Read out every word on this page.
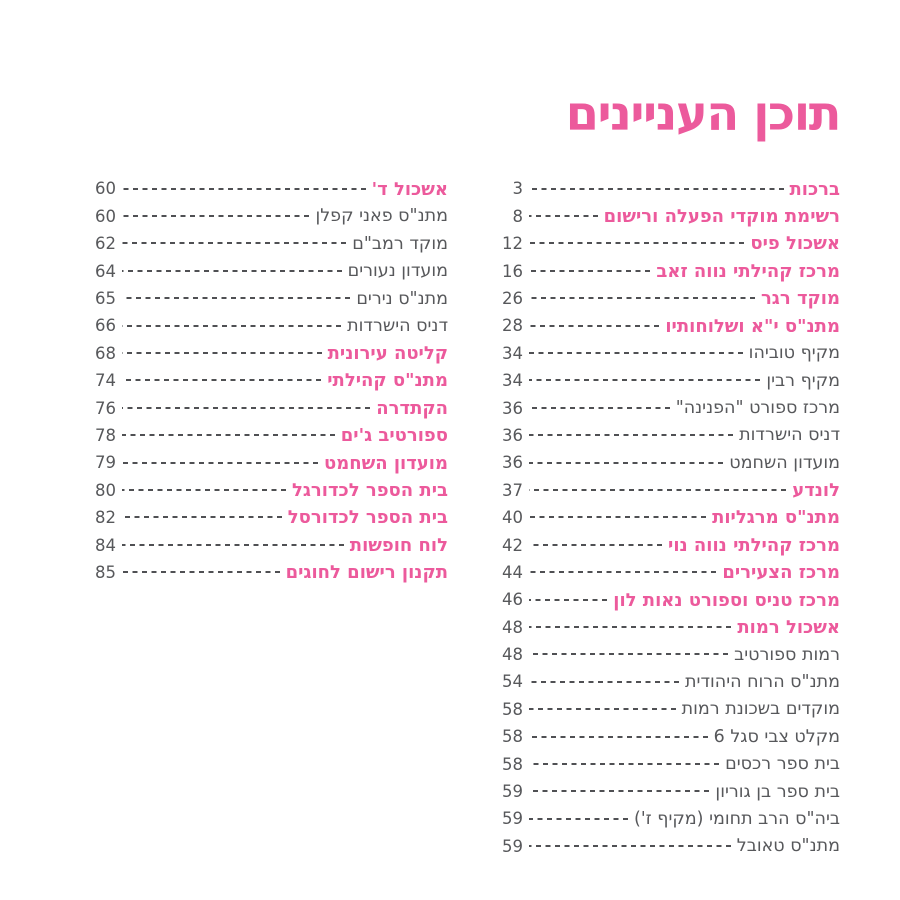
תוכן העניינים
ברכות
3
רשימת מוקדי הפעלה ורישום
8
אשכול פיס
12
מרכז קהילתי נווה זאב
16
מוקד רגר
26
מתנ"ס י"א ושלוחותיו
28
מקיף טוביהו
34
מקיף רבין
34
מרכז ספורט "הפנינה"
36
דניס הישרדות
36
מועדון השחמט
36
לונדע
37
מתנ"ס מרגליות
40
מרכז קהילתי נווה נוי
42
מרכז הצעירים
44
מרכז טניס וספורט נאות לון
46
אשכול רמות
48
רמות ספורטיב
48
מתנ"ס הרוח היהודית
54
מוקדים בשכונת רמות
58
מקלט צבי סגל 6
58
בית ספר רכסים
58
בית ספר בן גוריון
59
ביה"ס הרב תחומי (מקיף ז')
59
מתנ"ס טאובל
59
אשכול ד'
60
מתנ"ס פאני קפלן
60
מוקד רמב"ם
62
מועדון נעורים
64
מתנ"ס נירים
65
דניס הישרדות
66
קליטה עירונית
68
מתנ"ס קהילתי
74
הקתדרה
76
ספורטיב ג'ים
78
מועדון השחמט
79
בית הספר לכדורגל
80
בית הספר לכדורסל
82
לוח חופשות
84
תקנון רישום לחוגים
85
